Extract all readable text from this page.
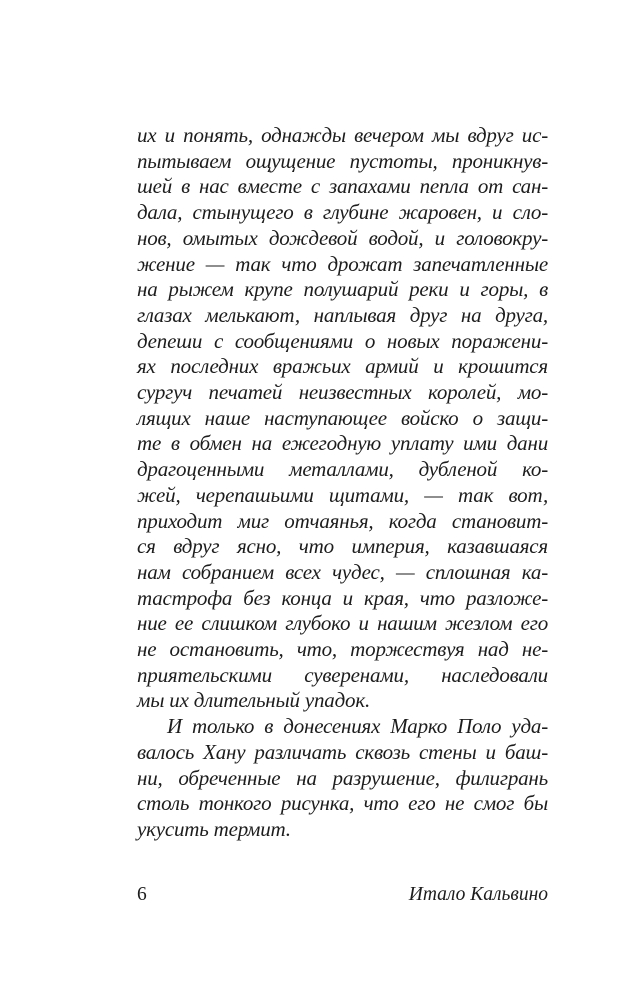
их и понять, однажды вечером мы вдруг ис-
пытываем ощущение пустоты, проникнув-
шей в нас вместе с запахами пепла от сан-
дала, стынущего в глубине жаровен, и сло-
нов, омытых дождевой водой, и головокру-
жение — так что дрожат запечатленные
на рыжем крупе полушарий реки и горы, в
глазах мелькают, наплывая друг на друга,
депеши с сообщениями о новых поражени-
ях последних вражьих армий и крошится
сургуч печатей неизвестных королей, мо-
лящих наше наступающее войско о защи-
те в обмен на ежегодную уплату ими дани
драгоценными металлами, дубленой ко-
жей, черепашьими щитами, — так вот,
приходит миг отчаянья, когда становит-
ся вдруг ясно, что империя, казавшаяся
нам собранием всех чудес, — сплошная ка-
тастрофа без конца и края, что разложе-
ние ее слишком глубоко и нашим жезлом его
не остановить, что, торжествуя над не-
приятельскими суверенами, наследовали
мы их длительный упадок.
И только в донесениях Марко Поло уда-
валось Хану различать сквозь стены и баш-
ни, обреченные на разрушение, филигрань
столь тонкого рисунка, что его не смог бы
укусить термит.
6	Итало Кальвино
